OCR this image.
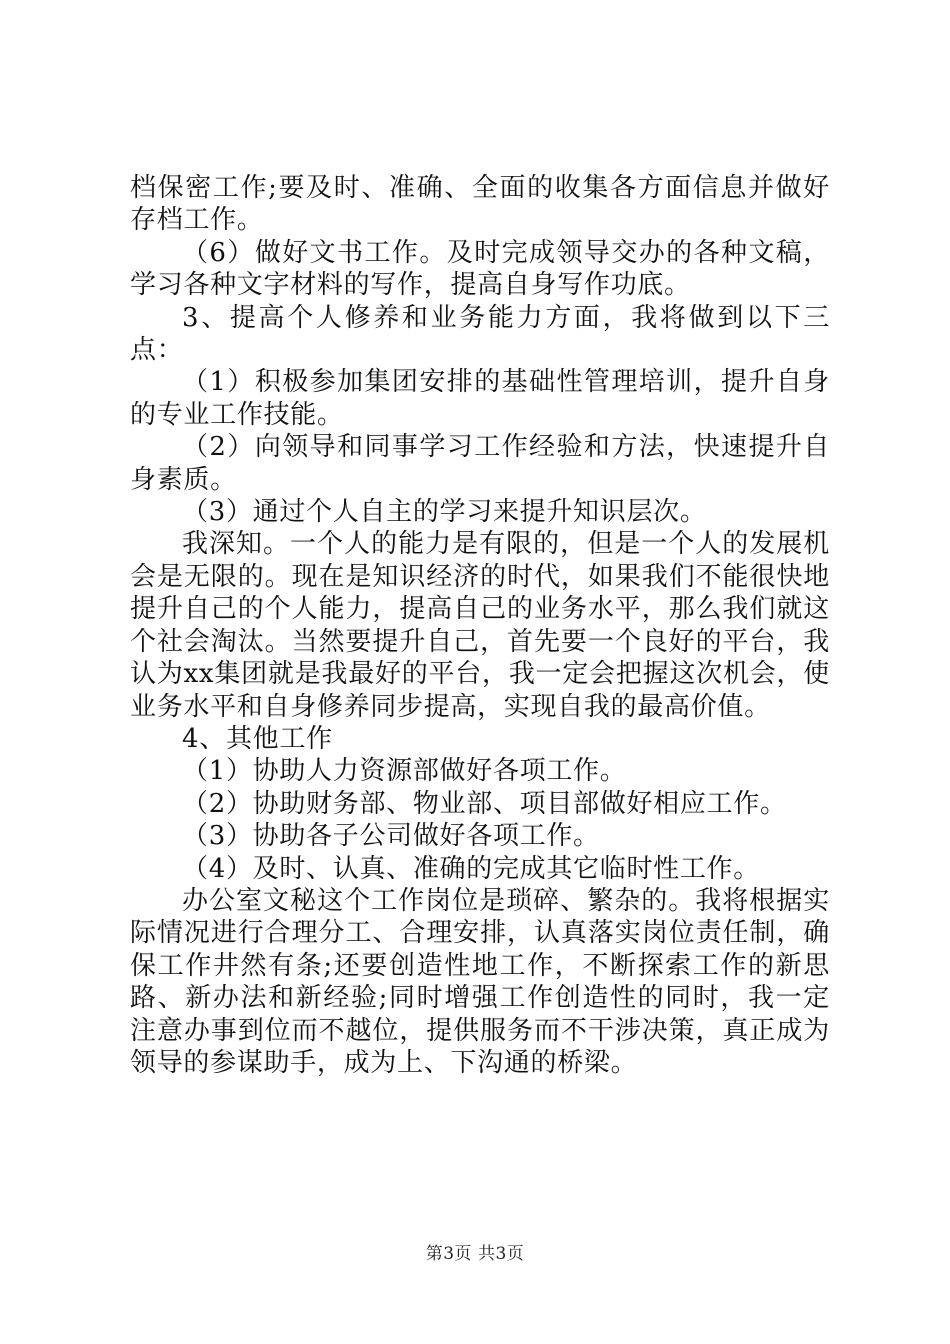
档保密工作;要及时、准确、全面的收集各方面信息并做好存档工作。

（6）做好文书工作。及时完成领导交办的各种文稿，学习各种文字材料的写作，提高自身写作功底。

3、提高个人修养和业务能力方面，我将做到以下三点：

（1）积极参加集团安排的基础性管理培训，提升自身的专业工作技能。

（2）向领导和同事学习工作经验和方法，快速提升自身素质。

（3）通过个人自主的学习来提升知识层次。

我深知。一个人的能力是有限的，但是一个人的发展机会是无限的。现在是知识经济的时代，如果我们不能很快地提升自己的个人能力，提高自己的业务水平，那么我们就这个社会淘汰。当然要提升自己，首先要一个良好的平台，我认为xx集团就是我最好的平台，我一定会把握这次机会，使业务水平和自身修养同步提高，实现自我的最高价值。

4、其他工作

（1）协助人力资源部做好各项工作。

（2）协助财务部、物业部、项目部做好相应工作。

（3）协助各子公司做好各项工作。

（4）及时、认真、准确的完成其它临时性工作。

办公室文秘这个工作岗位是琐碎、繁杂的。我将根据实际情况进行合理分工、合理安排，认真落实岗位责任制，确保工作井然有条;还要创造性地工作，不断探索工作的新思路、新办法和新经验;同时增强工作创造性的同时，我一定注意办事到位而不越位，提供服务而不干涉决策，真正成为领导的参谋助手，成为上、下沟通的桥梁。

第3页 共3页
